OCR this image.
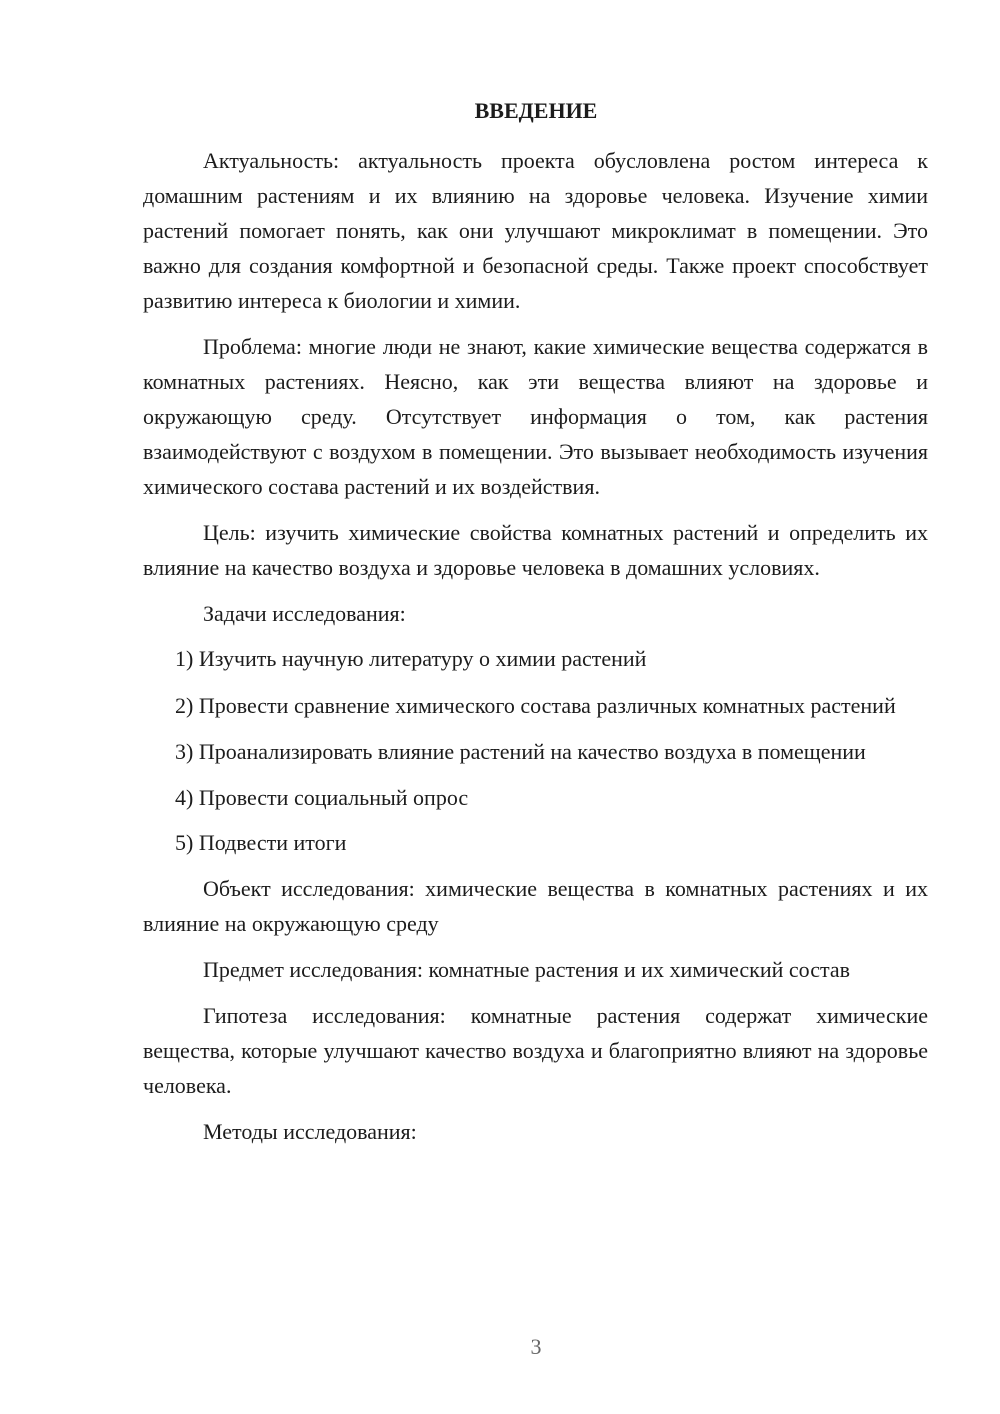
ВВЕДЕНИЕ

Актуальность: актуальность проекта обусловлена ростом интереса к домашним растениям и их влиянию на здоровье человека. Изучение химии растений помогает понять, как они улучшают микроклимат в помещении. Это важно для создания комфортной и безопасной среды. Также проект способствует развитию интереса к биологии и химии.

Проблема: многие люди не знают, какие химические вещества содержатся в комнатных растениях. Неясно, как эти вещества влияют на здоровье и окружающую среду. Отсутствует информация о том, как растения взаимодействуют с воздухом в помещении. Это вызывает необходимость изучения химического состава растений и их воздействия.

Цель: изучить химические свойства комнатных растений и определить их влияние на качество воздуха и здоровье человека в домашних условиях.

Задачи исследования:

1) Изучить научную литературу о химии растений

2) Провести сравнение химического состава различных комнатных растений

3) Проанализировать влияние растений на качество воздуха в помещении

4) Провести социальный опрос

5) Подвести итоги

Объект исследования: химические вещества в комнатных растениях и их влияние на окружающую среду

Предмет исследования: комнатные растения и их химический состав

Гипотеза исследования: комнатные растения содержат химические вещества, которые улучшают качество воздуха и благоприятно влияют на здоровье человека.

Методы исследования:

3
